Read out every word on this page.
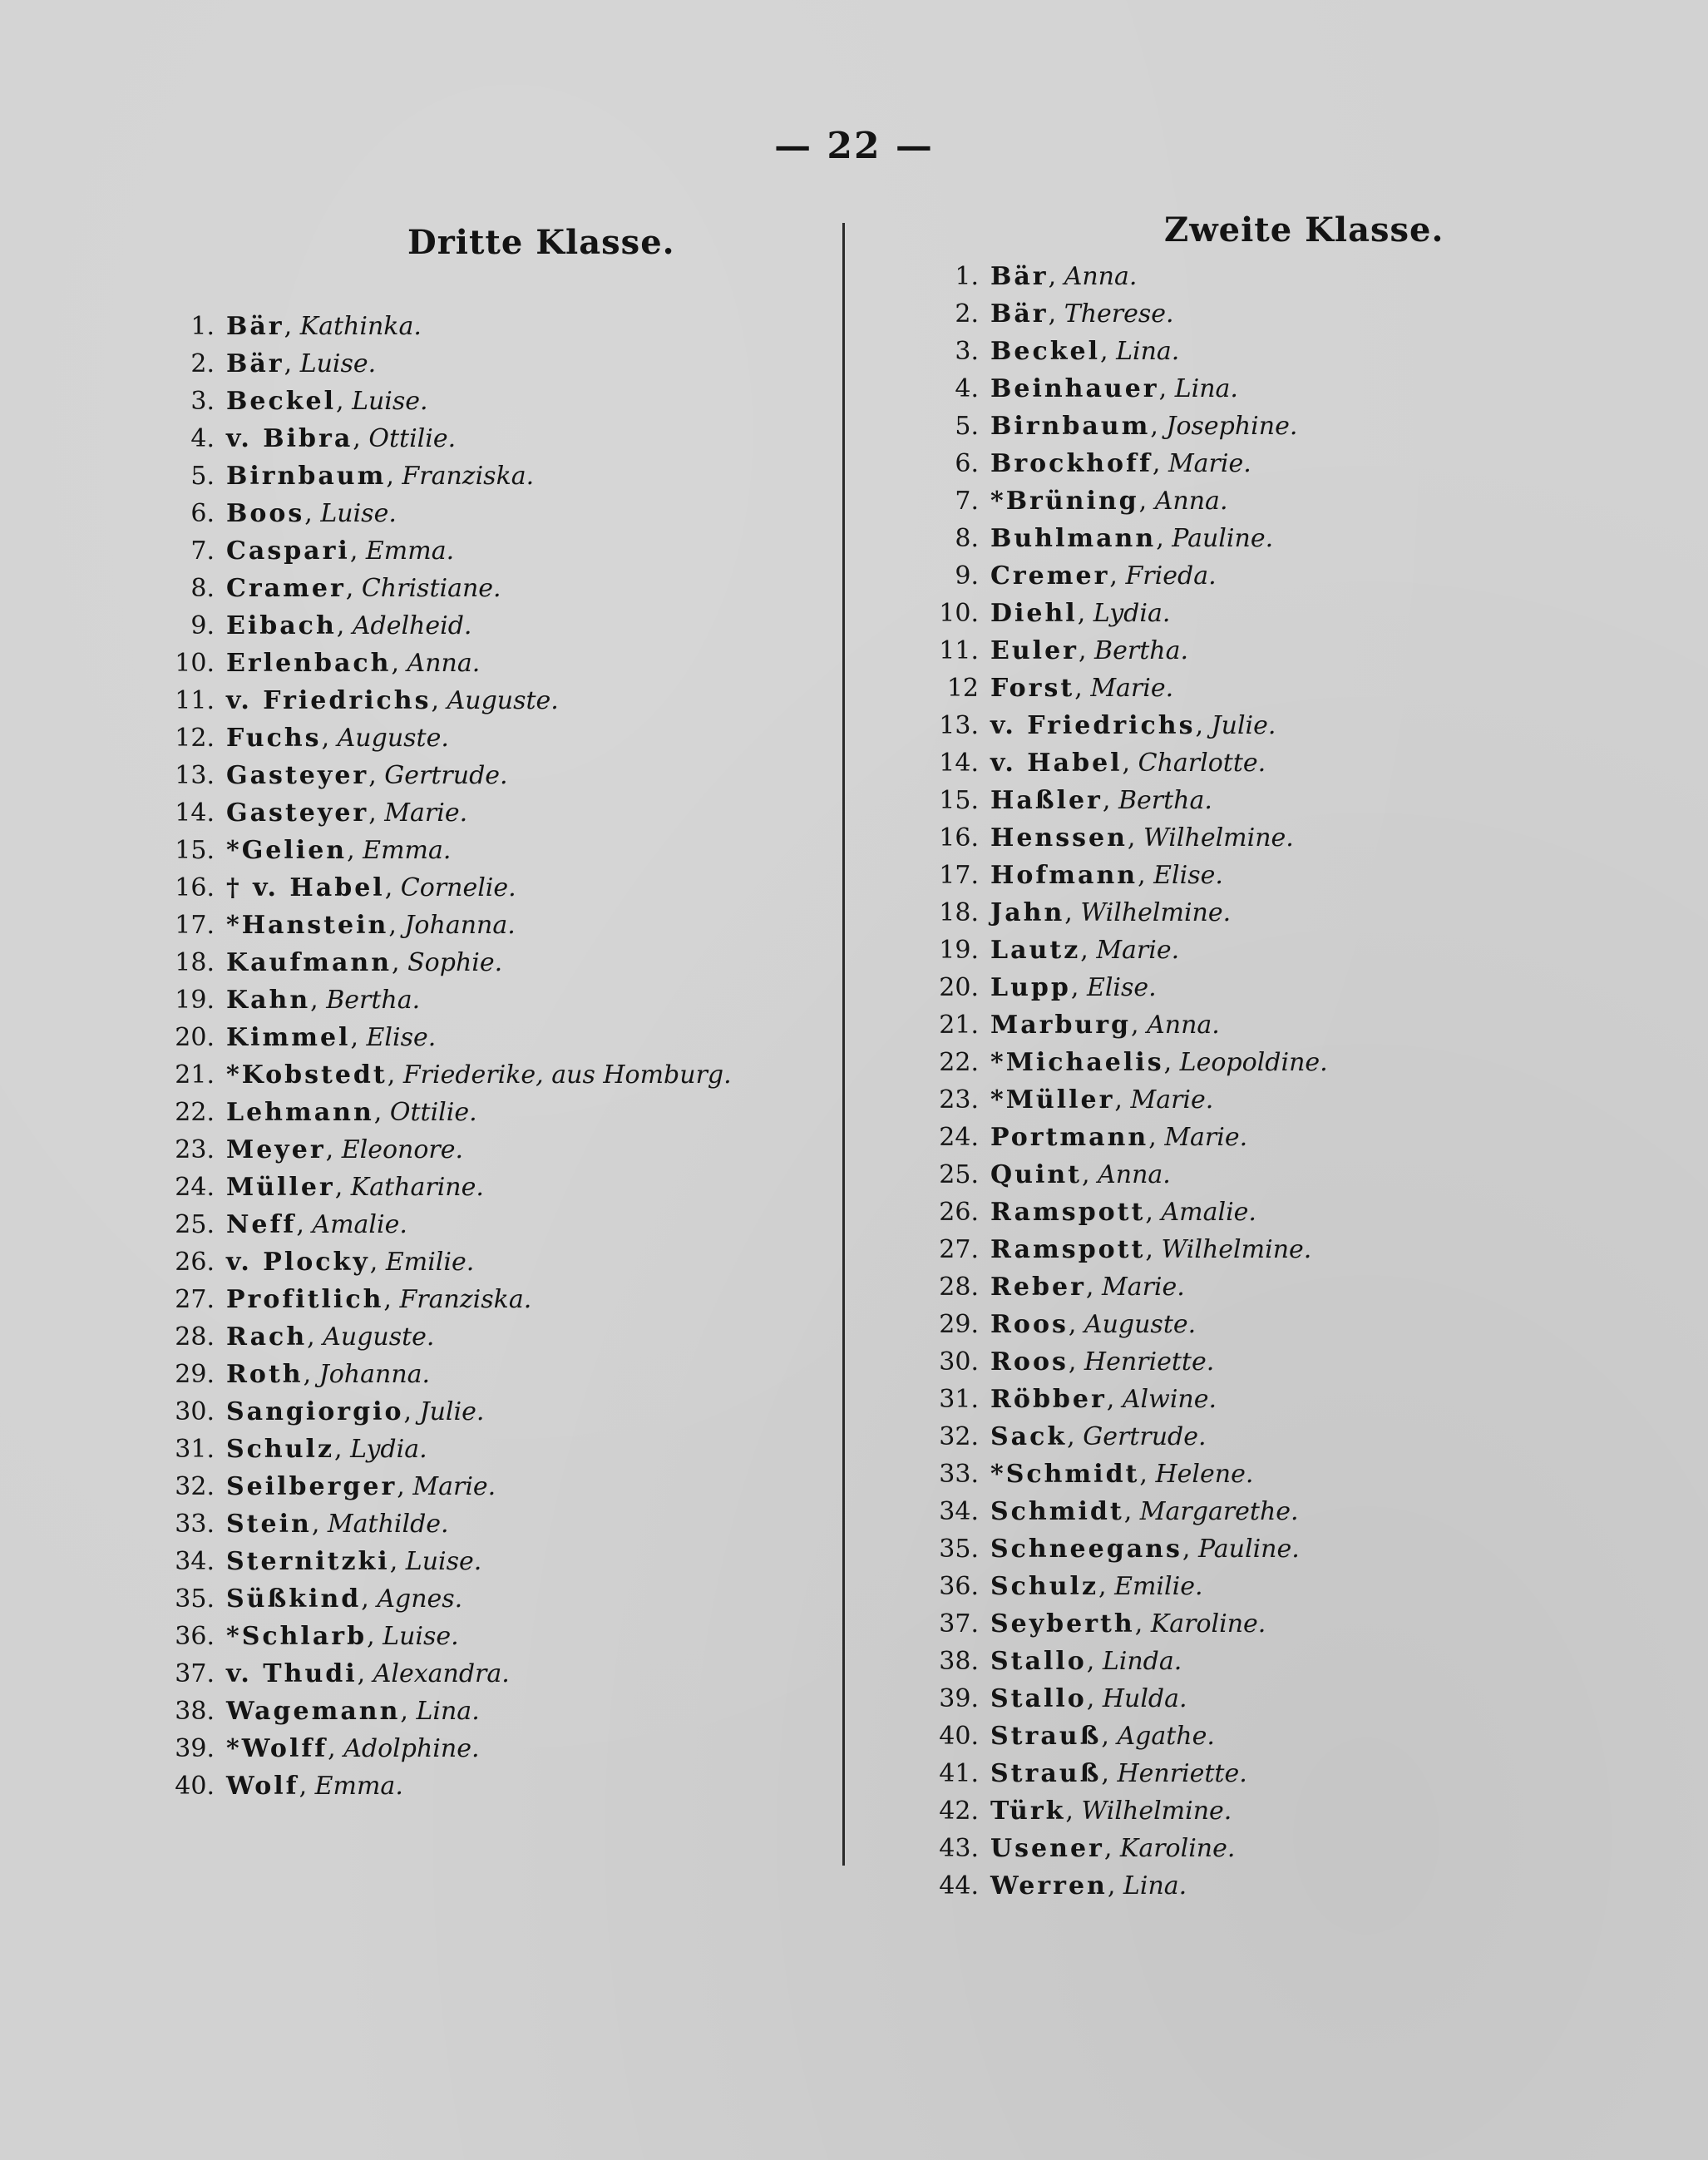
— 22 —
Dritte Klasse.	Zweite Klasse.
1. Bär , Kathinka.
2. Bär , Luise.
3. Beckel , Luise.
4. v. Bibra , Ottilie.
5. Birnbaum , Franziska.
6. Boos , Luise.
7. Caspari , Emma.
8. Cramer , Christiane.
9. Eibach , Adelheid.
10. Erlenbach , Anna.
11. v. Friedrichs , Auguste.
12. Fuchs , Auguste.
13. Gasteyer , Gertrude.
14. Gasteyer , Marie.
15. *Gelien , Emma.
16. † v. Habel , Cornelie.
17. *Hanstein , Johanna.
18. Kaufmann , Sophie.
19. Kahn , Bertha.
20. Kimmel , Elise.
21. *Kobstedt , Friederike, aus Homburg.
22. Lehmann , Ottilie.
23. Meyer , Eleonore.
24. Müller , Katharine.
25. Neff , Amalie.
26. v. Plocky , Emilie.
27. Profitlich , Franziska.
28. Rach , Auguste.
29. Roth , Johanna.
30. Sangiorgio , Julie.
31. Schulz , Lydia.
32. Seilberger , Marie.
33. Stein , Mathilde.
34. Sternitzki , Luise.
35. Süßkind , Agnes.
36. *Schlarb , Luise.
37. v. Thudi , Alexandra.
38. Wagemann , Lina.
39. *Wolff , Adolphine.
40. Wolf , Emma.
1. Bär , Anna.
2. Bär , Therese.
3. Beckel , Lina.
4. Beinhauer , Lina.
5. Birnbaum , Josephine.
6. Brockhoff , Marie.
7. *Brüning , Anna.
8. Buhlmann , Pauline.
9. Cremer , Frieda.
10. Diehl , Lydia.
11. Euler , Bertha.
12 Forst , Marie.
13. v. Friedrichs , Julie.
14. v. Habel , Charlotte.
15. Haßler , Bertha.
16. Henssen , Wilhelmine.
17. Hofmann , Elise.
18. Jahn , Wilhelmine.
19. Lautz , Marie.
20. Lupp , Elise.
21. Marburg , Anna.
22. *Michaelis , Leopoldine.
23. *Müller , Marie.
24. Portmann , Marie.
25. Quint , Anna.
26. Ramspott , Amalie.
27. Ramspott , Wilhelmine.
28. Reber , Marie.
29. Roos , Auguste.
30. Roos , Henriette.
31. Röbber , Alwine.
32. Sack , Gertrude.
33. *Schmidt , Helene.
34. Schmidt , Margarethe.
35. Schneegans , Pauline.
36. Schulz , Emilie.
37. Seyberth , Karoline.
38. Stallo , Linda.
39. Stallo , Hulda.
40. Strauß , Agathe.
41. Strauß , Henriette.
42. Türk , Wilhelmine.
43. Usener , Karoline.
44. Werren , Lina.
